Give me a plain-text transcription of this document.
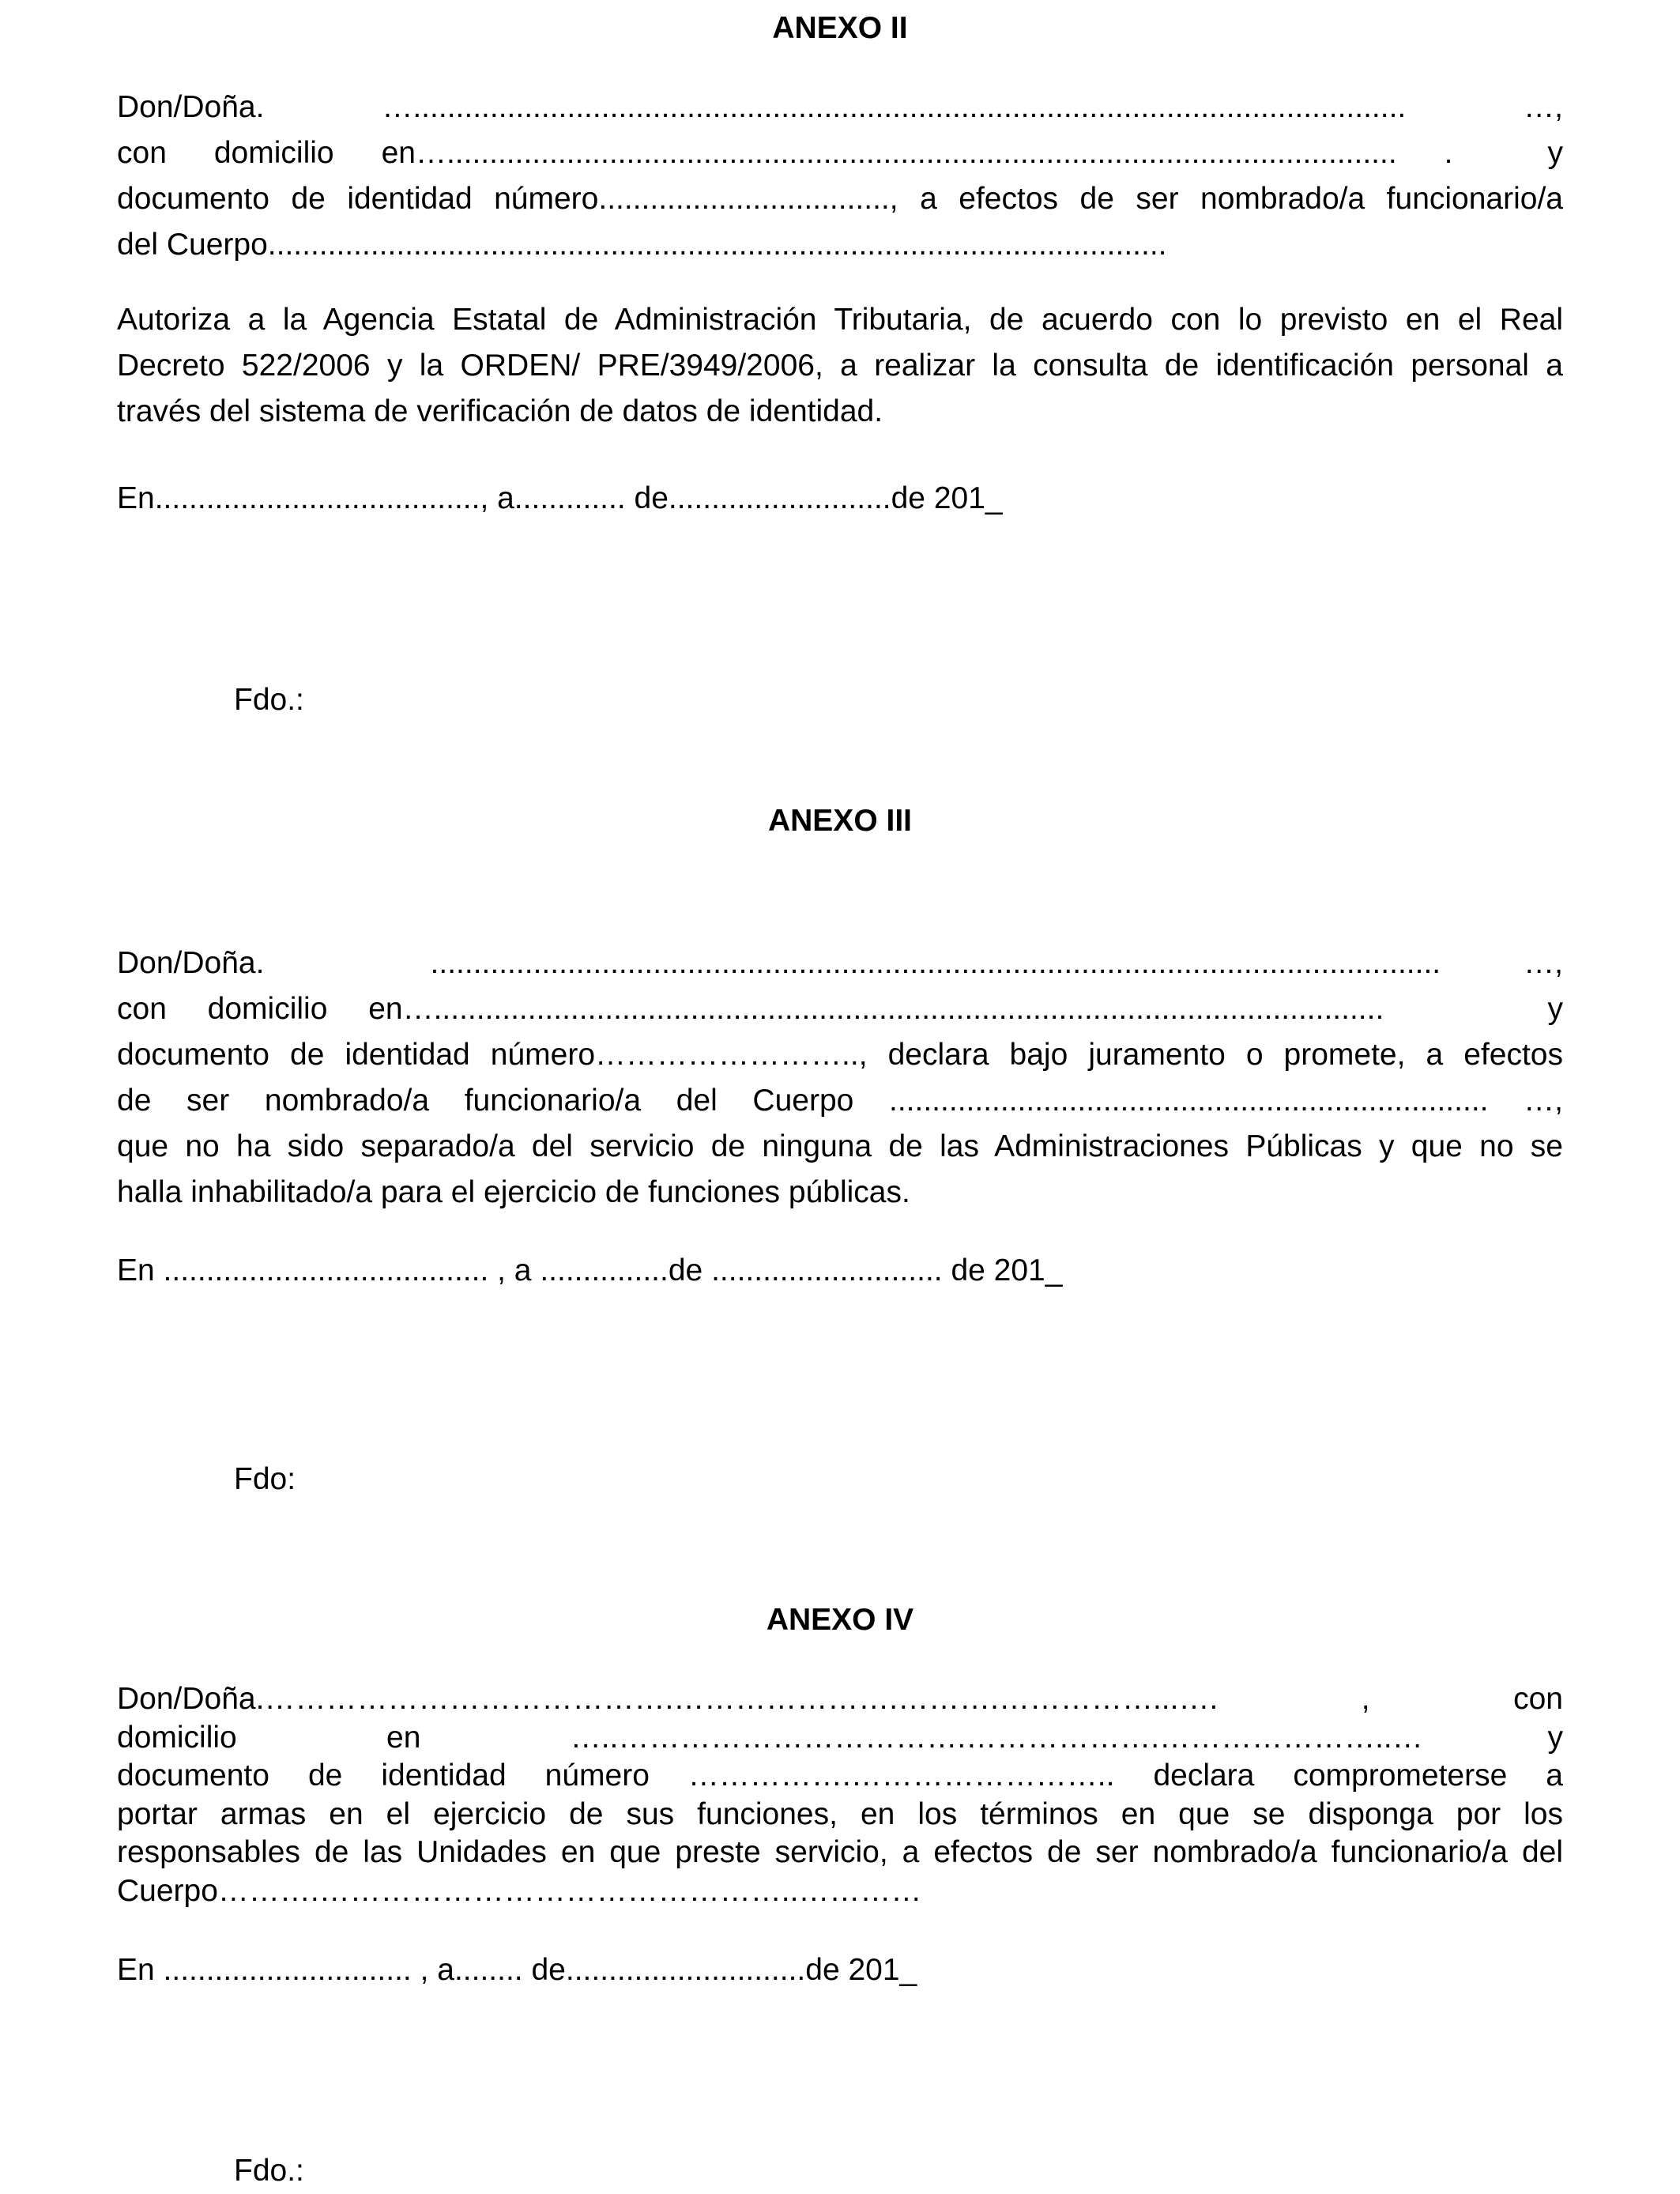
ANEXO II
Don/Doña. ….................................................................................................................... …,
con domicilio en…............................................................................................................... .  y
documento de identidad número.................................., a efectos de ser nombrado/a funcionario/a
del Cuerpo.........................................................................................................
Autoriza a la Agencia Estatal de Administración Tributaria, de acuerdo con lo previsto en el Real
Decreto 522/2006 y la ORDEN/ PRE/3949/2006, a realizar la consulta de identificación personal a
través del sistema de verificación de datos de identidad.
En......................................, a............. de..........................de 201_
Fdo.:
ANEXO III
Don/Doña.  ...................................................................................................................... …,
con domicilio en…...............................................................................................................    y
documento de identidad número…………………….., declara bajo juramento o promete, a efectos
de ser nombrado/a funcionario/a del Cuerpo ...................................................................... …,
que no ha sido separado/a del servicio de ninguna de las Administraciones Públicas y que no se
halla inhabilitado/a para el ejercicio de funciones públicas.
En ...................................... , a ...............de ........................... de 201_
Fdo:
ANEXO IV
Don/Doña.………………………………….………………….……….……………...…. , con
domicilio      en      …..…………………………….……………….…………………..…     y
documento de identidad número …………….…………………….. declara comprometerse a
portar armas en el ejercicio de sus funciones, en los términos en que se disponga por los
responsables de las Unidades en que preste servicio, a efectos de ser nombrado/a funcionario/a del
Cuerpo……….………………………………………..…………
En ............................. , a........ de............................de 201_
Fdo.:
